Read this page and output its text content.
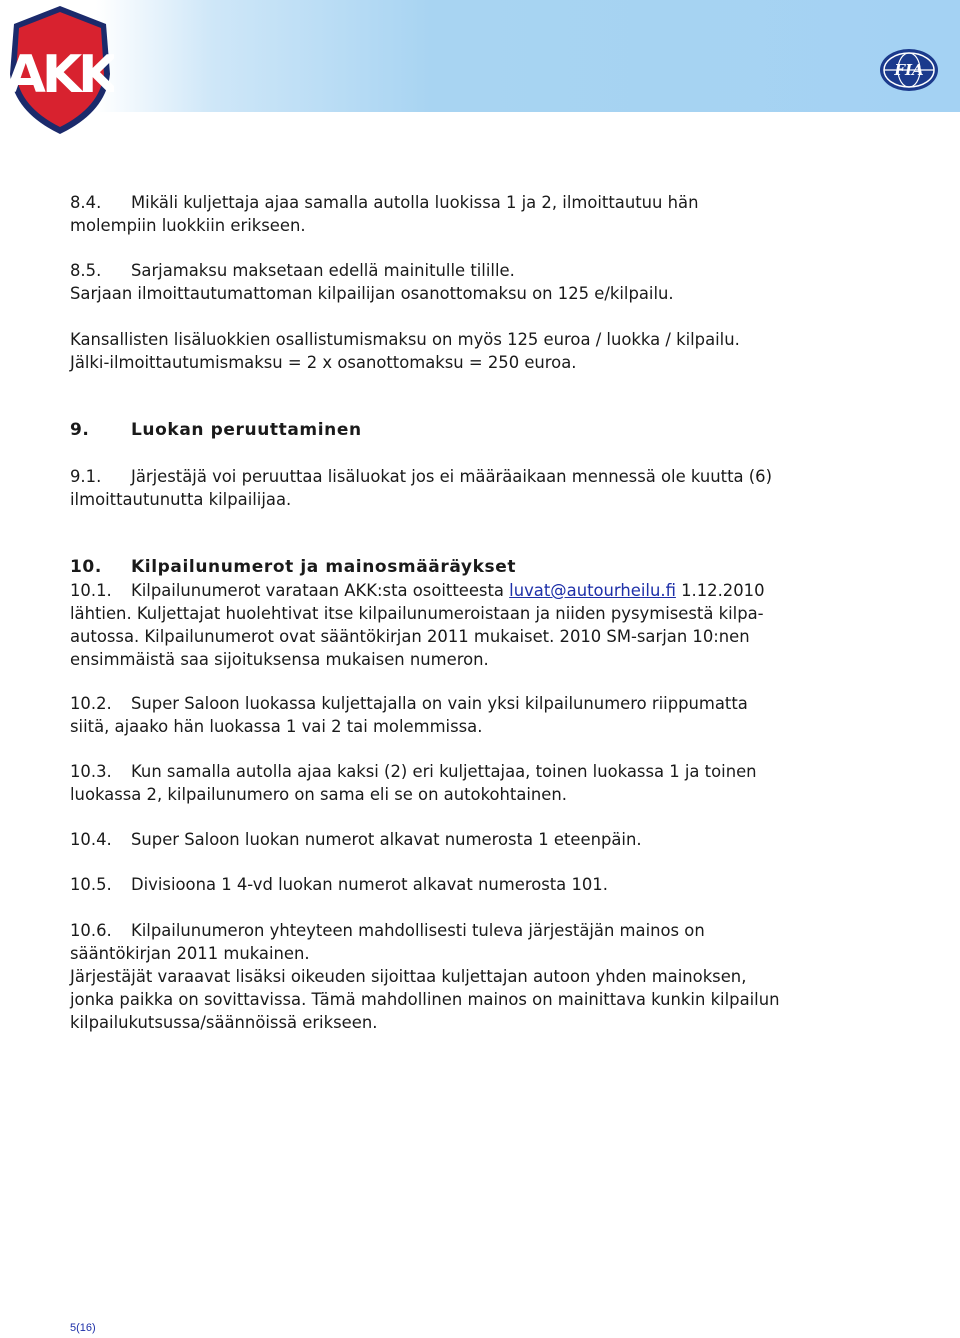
AKK	FIA
8.4. Mikäli kuljettaja ajaa samalla autolla luokissa 1 ja 2, ilmoittautuu hän
molempiin luokkiin erikseen.
8.5. Sarjamaksu maksetaan edellä mainitulle tilille.
Sarjaan ilmoittautumattoman kilpailijan osanottomaksu on 125 e/kilpailu.
Kansallisten lisäluokkien osallistumismaksu on myös 125 euroa / luokka / kilpailu.
Jälki-ilmoittautumismaksu = 2 x osanottomaksu = 250 euroa.
9. Luokan peruuttaminen
9.1. Järjestäjä voi peruuttaa lisäluokat jos ei määräaikaan mennessä ole kuutta (6)
ilmoittautunutta kilpailijaa.
10. Kilpailunumerot ja mainosmääräykset
10.1. Kilpailunumerot varataan AKK:sta osoitteesta luvat@autourheilu.fi 1.12.2010
lähtien. Kuljettajat huolehtivat itse kilpailunumeroistaan ja niiden pysymisestä kilpa-
autossa. Kilpailunumerot ovat sääntökirjan 2011 mukaiset. 2010 SM-sarjan 10:nen
ensimmäistä saa sijoituksensa mukaisen numeron.
10.2. Super Saloon luokassa kuljettajalla on vain yksi kilpailunumero riippumatta
siitä, ajaako hän luokassa 1 vai 2 tai molemmissa.
10.3. Kun samalla autolla ajaa kaksi (2) eri kuljettajaa, toinen luokassa 1 ja toinen
luokassa 2, kilpailunumero on sama eli se on autokohtainen.
10.4. Super Saloon luokan numerot alkavat numerosta 1 eteenpäin.
10.5. Divisioona 1 4-vd luokan numerot alkavat numerosta 101.
10.6. Kilpailunumeron yhteyteen mahdollisesti tuleva järjestäjän mainos on
sääntökirjan 2011 mukainen.
Järjestäjät varaavat lisäksi oikeuden sijoittaa kuljettajan autoon yhden mainoksen,
jonka paikka on sovittavissa. Tämä mahdollinen mainos on mainittava kunkin kilpailun
kilpailukutsussa/säännöissä erikseen.
5(16)
